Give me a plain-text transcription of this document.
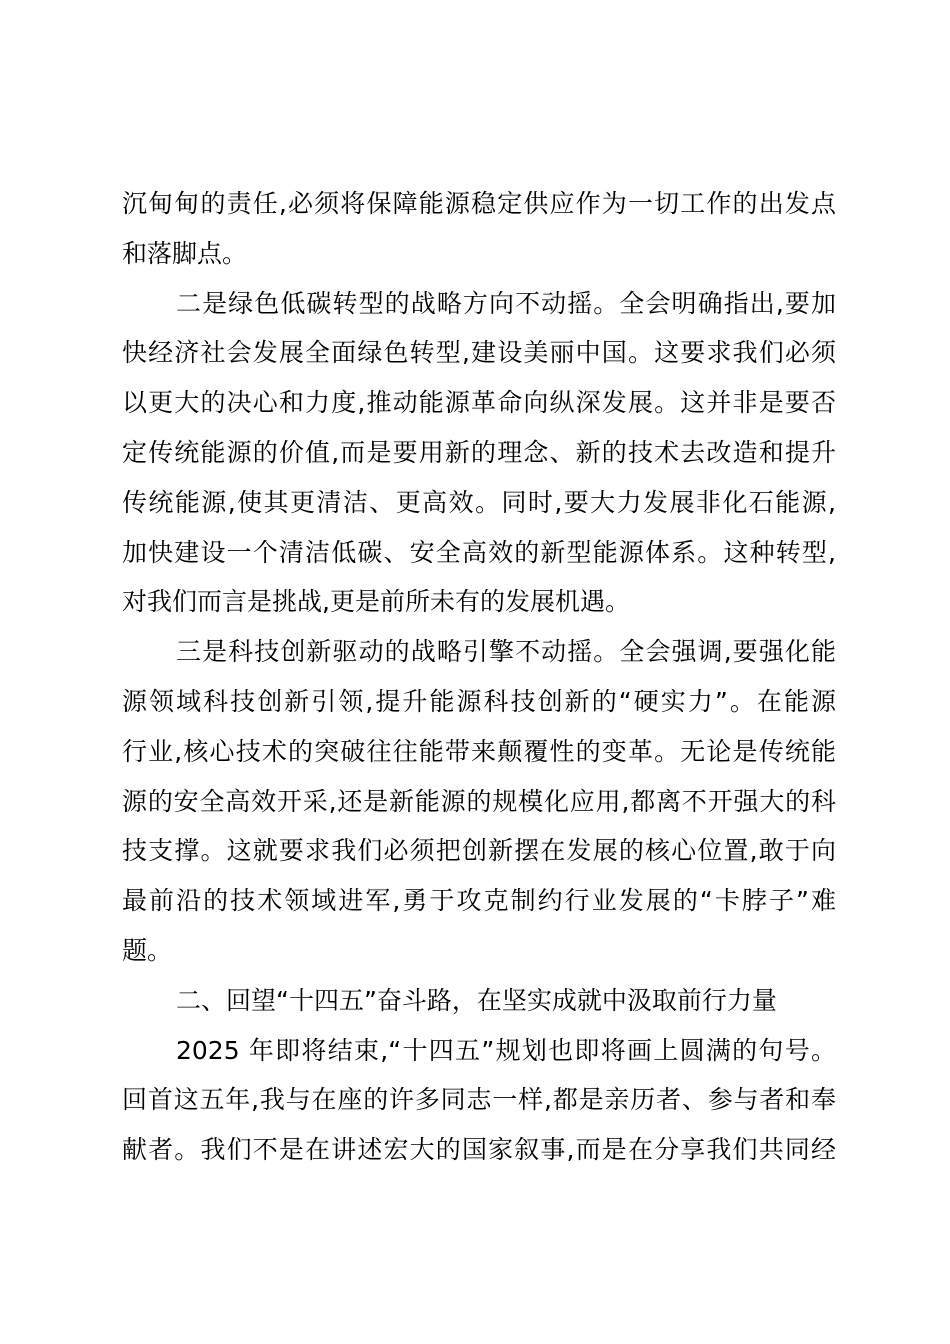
沉甸甸的责任,必须将保障能源稳定供应作为一切工作的出发点
和落脚点。
二是绿色低碳转型的战略方向不动摇。全会明确指出,要加
快经济社会发展全面绿色转型,建设美丽中国。这要求我们必须
以更大的决心和力度,推动能源革命向纵深发展。这并非是要否
定传统能源的价值,而是要用新的理念、新的技术去改造和提升
传统能源,使其更清洁、更高效。同时,要大力发展非化石能源,
加快建设一个清洁低碳、安全高效的新型能源体系。这种转型,
对我们而言是挑战,更是前所未有的发展机遇。
三是科技创新驱动的战略引擎不动摇。全会强调,要强化能
源领域科技创新引领,提升能源科技创新的“硬实力”。在能源
行业,核心技术的突破往往能带来颠覆性的变革。无论是传统能
源的安全高效开采,还是新能源的规模化应用,都离不开强大的科
技支撑。这就要求我们必须把创新摆在发展的核心位置,敢于向
最前沿的技术领域进军,勇于攻克制约行业发展的“卡脖子”难
题。
二、回望“十四五”奋斗路，在坚实成就中汲取前行力量
2025 年即将结束,“十四五”规划也即将画上圆满的句号。
回首这五年,我与在座的许多同志一样,都是亲历者、参与者和奉
献者。我们不是在讲述宏大的国家叙事,而是在分享我们共同经
